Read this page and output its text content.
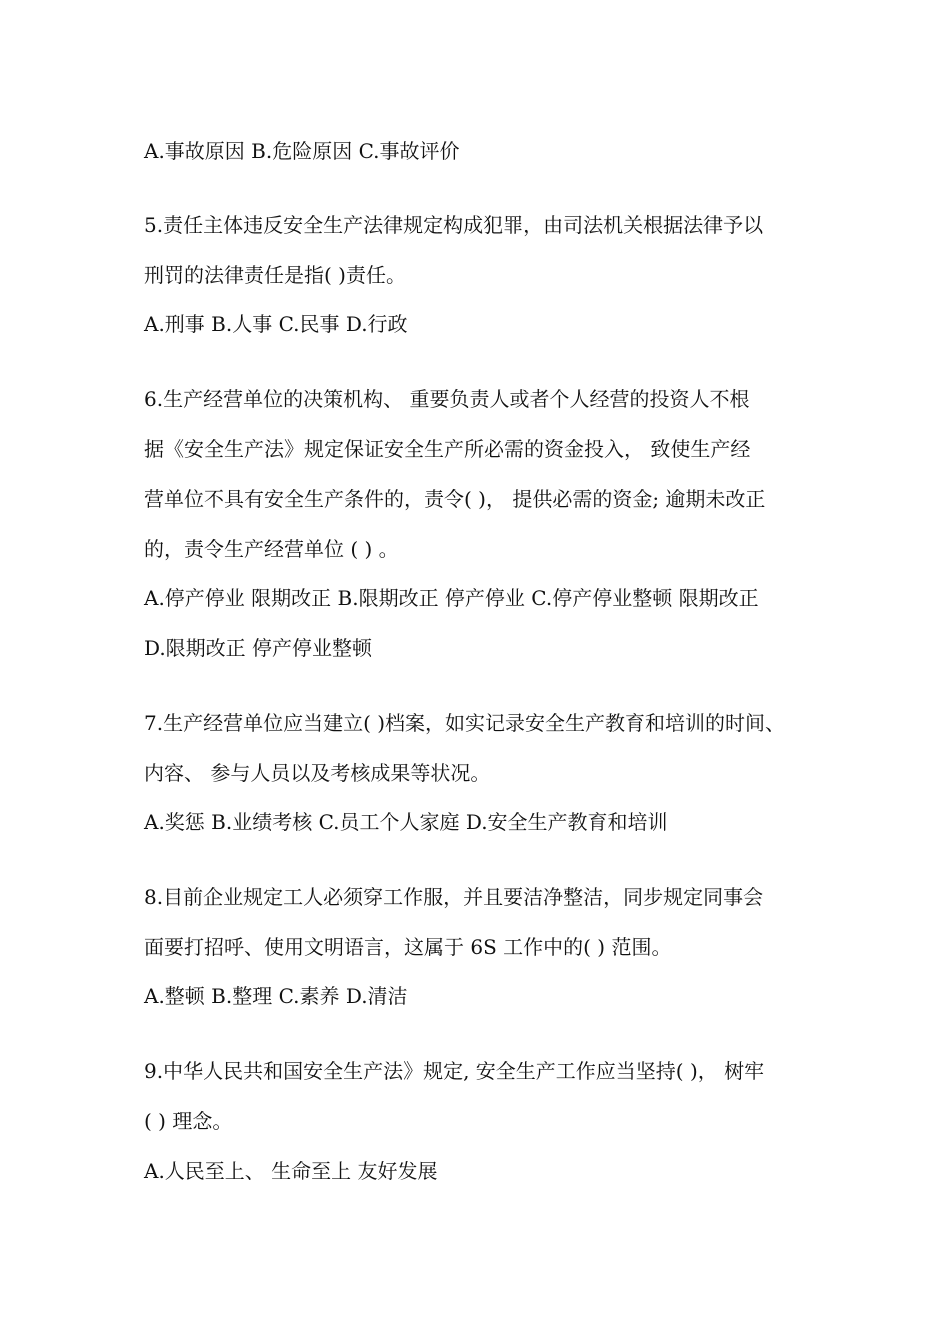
A.事故原因 B.危险原因 C.事故评价
5.责任主体违反安全生产法律规定构成犯罪，由司法机关根据法律予以
刑罚的法律责任是指( )责任。
A.刑事 B.人事 C.民事 D.行政
6.生产经营单位的决策机构、 重要负责人或者个人经营的投资人不根
据《安全生产法》规定保证安全生产所必需的资金投入， 致使生产经
营单位不具有安全生产条件的，责令( )， 提供必需的资金; 逾期未改正
的，责令生产经营单位 ( ) 。
A.停产停业 限期改正 B.限期改正 停产停业 C.停产停业整顿 限期改正
D.限期改正 停产停业整顿
7.生产经营单位应当建立( )档案，如实记录安全生产教育和培训的时间、
内容、 参与人员以及考核成果等状况。
A.奖惩 B.业绩考核 C.员工个人家庭 D.安全生产教育和培训
8.目前企业规定工人必须穿工作服，并且要洁净整洁，同步规定同事会
面要打招呼、使用文明语言，这属于 6S 工作中的( ) 范围。
A.整顿 B.整理 C.素养 D.清洁
9.中华人民共和国安全生产法》规定, 安全生产工作应当坚持( )， 树牢
( ) 理念。
A.人民至上、 生命至上 友好发展
